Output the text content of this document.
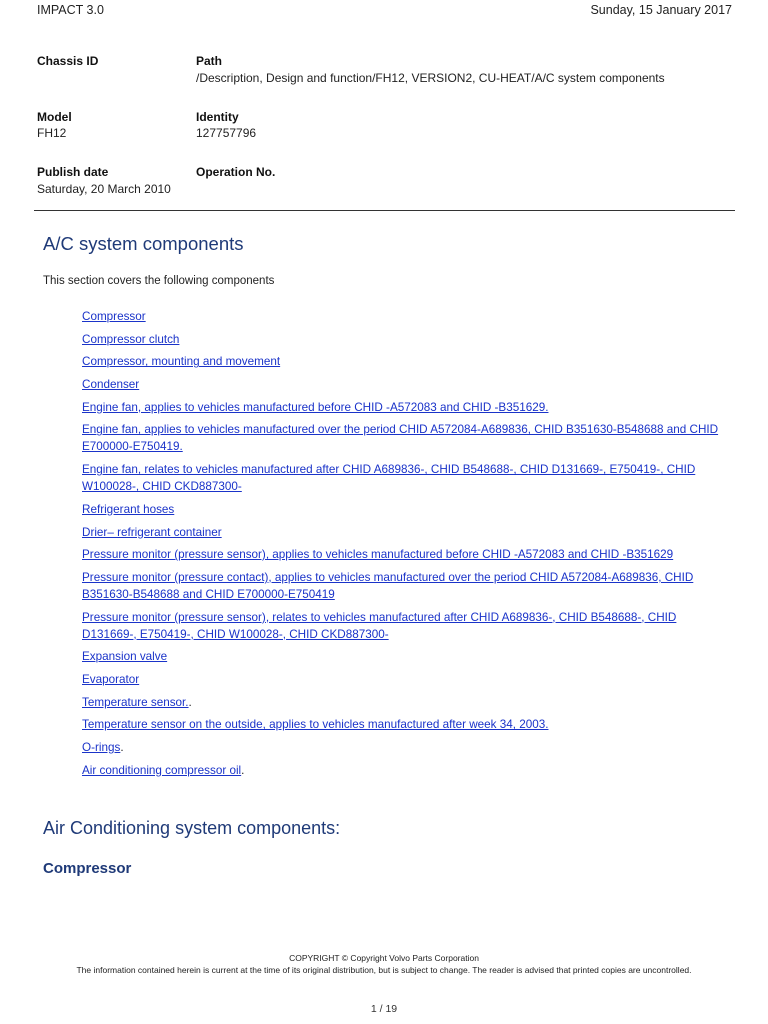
IMPACT 3.0	Sunday, 15 January 2017
Chassis ID	Path
/Description, Design and function/FH12, VERSION2, CU-HEAT/A/C system components
Model
FH12
Identity
127757796
Publish date
Saturday, 20 March 2010
Operation No.
A/C system components

This section covers the following components

Compressor
Compressor clutch
Compressor, mounting and movement
Condenser
Engine fan, applies to vehicles manufactured before CHID -A572083 and CHID -B351629.
Engine fan, applies to vehicles manufactured over the period CHID A572084-A689836, CHID B351630-B548688 and CHID E700000-E750419.
Engine fan, relates to vehicles manufactured after CHID A689836-, CHID B548688-, CHID D131669-, E750419-, CHID W100028-, CHID CKD887300-
Refrigerant hoses
Drier– refrigerant container
Pressure monitor (pressure sensor), applies to vehicles manufactured before CHID -A572083 and CHID -B351629
Pressure monitor (pressure contact), applies to vehicles manufactured over the period CHID A572084-A689836, CHID B351630-B548688 and CHID E700000-E750419
Pressure monitor (pressure sensor), relates to vehicles manufactured after CHID A689836-, CHID B548688-, CHID D131669-, E750419-, CHID W100028-, CHID CKD887300-
Expansion valve
Evaporator
Temperature sensor..
Temperature sensor on the outside, applies to vehicles manufactured after week 34, 2003.
O-rings.
Air conditioning compressor oil.
Air Conditioning system components:
Compressor
COPYRIGHT © Copyright Volvo Parts Corporation
The information contained herein is current at the time of its original distribution, but is subject to change. The reader is advised that printed copies are uncontrolled.
1 / 19
